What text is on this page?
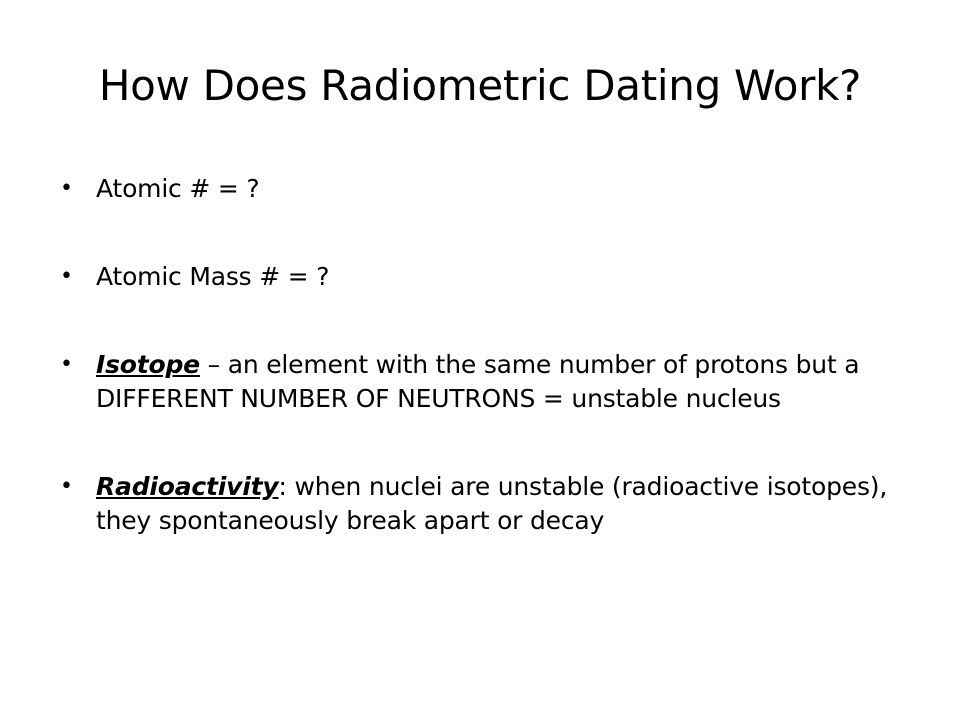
How Does Radiometric Dating Work?
• Atomic # = ?
• Atomic Mass # = ?
• Isotope – an element with the same number of protons but a DIFFERENT NUMBER OF NEUTRONS = unstable nucleus
• Radioactivity: when nuclei are unstable (radioactive isotopes), they spontaneously break apart or decay
